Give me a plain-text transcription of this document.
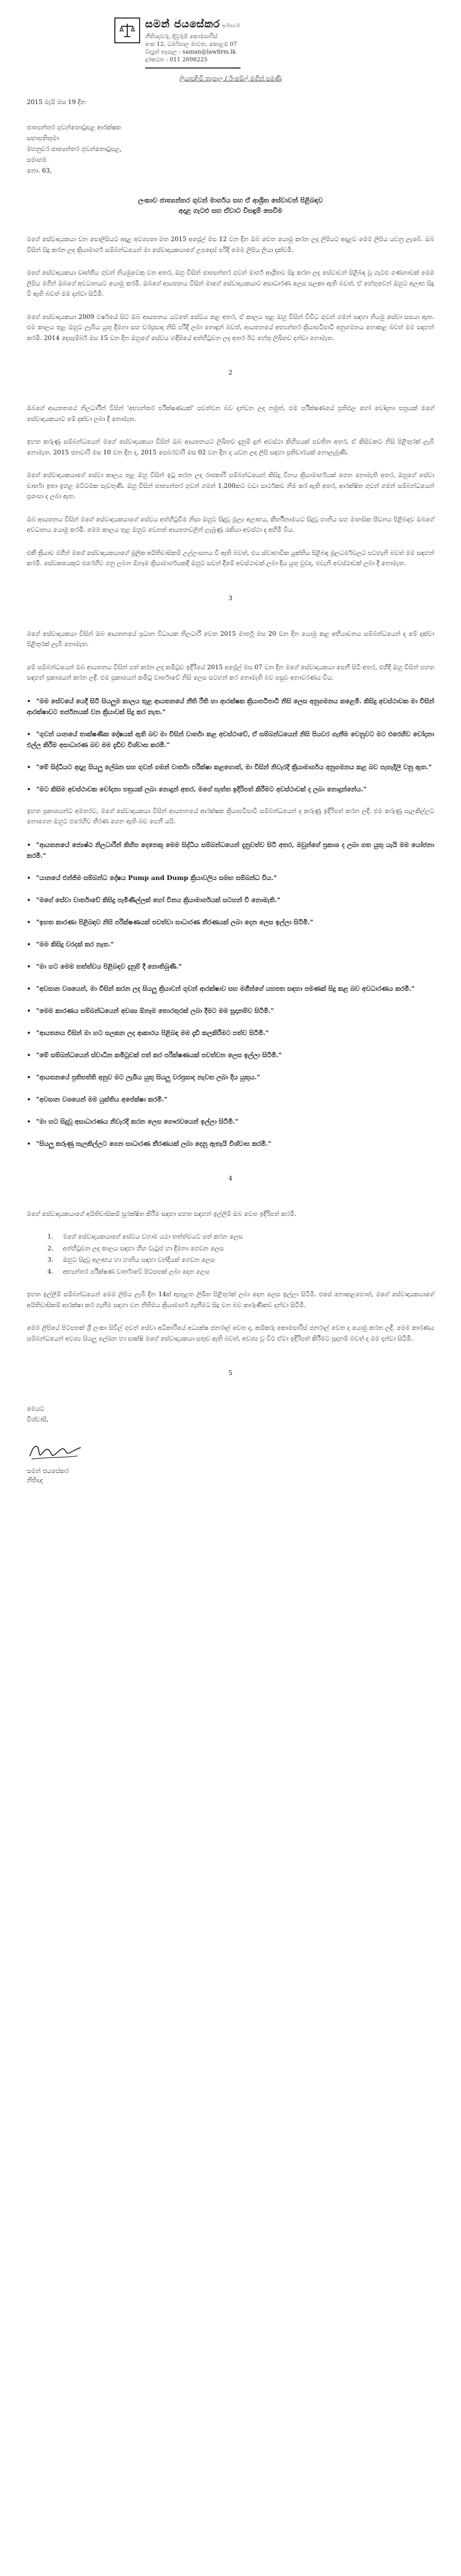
සමන් ජයසේකර සමාගම
නීතිඥවරු, දිවුරුම් කොමසාරිස්
අංක 12, ධර්මපාල මාවත, කොළඹ 07
විද්‍යුත් තැපෑල : saman@lawfirm.lk
දුරකථන : 011 2698225
ලියාපදිංචි තැපෑල / ඊ-මේල් මගින් පමණි
2015 මැයි මස 19 දින
ජාත්‍යන්තර ගුවන්තොටුපළ ආරක්ෂක
සභාපතිතුමා
මහනුවර ජාත්‍යන්තර ගුවන්තොටුපළ,
සමාගම
නො. 63,
ලංකාව ජාත්‍යන්තර ගුවන් මාර්ගය සහ ඒ ආශ්‍රිත සේවාවන් පිළිබඳව
අදාළ ගැටළු සහ ඒවාට විසඳුම් සෙවීම

මගේ සේවාදායකයා වන පොලිසියට අදාළ අවශ්‍යතා මත 2015 අප්‍රේල් මස 12 වන දින ඔබ වෙත යොමු කරන ලද ලිපියට අදාළව මෙම ලිපිය යවනු ලැබේ. ඔබ විසින් සිදු කරන ලද ක්‍රියාමාර්ග සම්බන්ධයෙන් මා සේවාදායකයාගේ උපදෙස් පරිදි මෙම ලිපිය ලියා දක්වමි.

මගේ සේවාදායකයා වෘත්තීය ගුවන් නියමුවෙකු වන අතර, ඔහු විසින් ජාත්‍යන්තර ගුවන් මාර්ග ආශ්‍රිතව සිදු කරන ලද සේවාවන් පිළිබඳ වූ ගැටළු ගණනාවක් මෙම ලිපිය මගින් ඔබගේ අවධානයට යොමු කරමි. ඔබගේ ආයතනය විසින් මාගේ සේවාදායකයාට අසාධාරණ ලෙස සලකා ඇති බවත්, ඒ හේතුවෙන් ඔහුට අලාභ සිදු වී ඇති බවත් මම දන්වා සිටිමි.

මගේ සේවාදායකයා 2009 වර්ෂයේ සිට ඔබ ආයතනය යටතේ සේවය කළ අතර, ඒ කාලය තුළ ඔහු විසින් විවිධ ගුවන් ගමන් සඳහා නියමු සේවා සපයා ඇත. එම කාලය තුළ ඔහුට ලැබිය යුතු දීමනා සහ වරප්‍රසාද නිසි පරිදි ලබා නොදුන් බවත්, ආයතනයේ අභ්‍යන්තර ක්‍රියාපටිපාටි අනුගමනය නොකළ බවත් මම සඳහන් කරමි. 2014 දෙසැම්බර් මස 15 වන දින ඔහුගේ සේවය හදිසියේ අත්හිටුවන ලද අතර ඊට හේතු ලිඛිතව දන්වා නොමැත.

2

ඔබගේ ආයතනයේ නිලධාරීන් විසින් 'අභ්‍යන්තර පරීක්ෂණයක්' පවත්වන බව දන්වන ලද නමුත්, එම පරීක්ෂණයේ ප්‍රතිඵල හෝ චෝදනා පත්‍රයක් මගේ සේවාදායකයාට මේ දක්වා ලබා දී නොමැත.

ඉහත කරුණු සම්බන්ධයෙන් මගේ සේවාදායකයා විසින් ඔබ ආයතනයට ලිඛිතව දැනුම් දුන් අවස්ථා කිහිපයක් පවතින අතර, ඒ කිසිවකට නිසි පිළිතුරක් ලැබී නොමැත. 2015 ජනවාරි මස 10 වන දින ද, 2015 පෙබරවාරි මස 02 වන දින ද යවන ලද ලිපි සඳහා ප්‍රතිචාරයක් නොලැබුණි.

මගේ සේවාදායකයාගේ සේවා කාලය තුළ ඔහු විසින් ඉටු කරන ලද රාජකාරි සම්බන්ධයෙන් කිසිදු විනය ක්‍රියාමාර්ගයක් ගෙන නොමැති අතර, ඔහුගේ සේවා වාර්තා ඉතා ඉහළ මට්ටමක පැවතුණි. ඔහු විසින් ජාත්‍යන්තර ගුවන් ගමන් 1,200කට වඩා සාර්ථකව නිම කර ඇති අතර, ආරක්ෂිත ගුවන් ගමන් සම්බන්ධයෙන් ප්‍රශංසා ද ලබා ඇත.

ඔබ ආයතනය විසින් මගේ සේවාදායකයාගේ සේවය අත්හිටුවීම නිසා ඔහුට සිදුවූ මූල්‍ය අලාභය, කීර්තිනාමයට සිදුවූ හානිය සහ මානසික පීඩනය පිළිබඳව ඔබගේ අවධානය යොමු කරමි. මෙම කාලය තුළ ඔහුට වෙනත් ආයතනවලින් ලැබුණු රැකියා අවස්ථා ද අහිමි විය.

එකී ක්‍රියාව මගින් මගේ සේවාදායකයාගේ මූලික අයිතිවාසිකම් උල්ලංඝනය වී ඇති බවත්, එය ස්වාභාවික යුක්තිය පිළිබඳ මූලධර්මවලට පටහැනි බවත් මම සඳහන් කරමි. සේවකයෙකුට එරෙහිව ගනු ලබන ඕනෑම ක්‍රියාමාර්ගයකදී ඔහුට සවන් දීමේ අවස්ථාවක් ලබා දිය යුතු වුවද, එවැනි අවස්ථාවක් ලබා දී නොමැත.

3

මගේ සේවාදායකයා විසින් ඔබ ආයතනයේ ප්‍රධාන විධායක නිලධාරී වෙත 2015 මාර්තු මස 20 වන දින යොමු කළ අභියාචනය සම්බන්ධයෙන් ද මේ දක්වා පිළිතුරක් ලැබී නොමැත.

මේ සම්බන්ධයෙන් ඔබ ආයතනය විසින් පත් කරන ලද කමිටුව ඉදිරියේ 2015 අප්‍රේල් මස 07 වන දින මගේ සේවාදායකයා පෙනී සිටි අතර, එහිදී ඔහු විසින් පහත සඳහන් ප්‍රකාශයන් කරන ලදී. එම ප්‍රකාශයන් කමිටු වාර්තාවේ නිසි ලෙස සටහන් කර නොමැති බව පසුව අනාවරණය විය.

• "මම සේවයේ යෙදී සිටි සියලුම කාලය තුළ ආයතනයේ නීති රීති හා ආරක්ෂක ක්‍රියාපටිපාටි නිසි ලෙස අනුගමනය කළෙමි. කිසිදු අවස්ථාවක මා විසින් ආරක්ෂාවට තර්ජනයක් වන ක්‍රියාවක් සිදු කර නැත."

• "ගුවන් යානයේ තාක්ෂණික දෝෂයක් ඇති බව මා විසින් වාර්තා කළ අවස්ථාවේ, ඒ සම්බන්ධයෙන් නිසි පියවර ගැනීම වෙනුවට මට එරෙහිව චෝදනා එල්ල කිරීම අසාධාරණ බව මම දැඩිව විශ්වාස කරමි."

• "මේ සිද්ධියට අදාළ සියලු ලේඛන සහ ගුවන් ගමන් වාර්තා පරීක්ෂා කළහොත්, මා විසින් නිවැරදි ක්‍රියාමාර්ගය අනුගමනය කළ බව පැහැදිලි වනු ඇත."

• "මට කිසිම අවස්ථාවක චෝදනා පත්‍රයක් ලබා නොදුන් අතර, මගේ පැත්ත ඉදිරිපත් කිරීමට අවස්ථාවක් ද ලබා නොදුන්නේය."

ඉහත ප්‍රකාශයන්ට අමතරව, මගේ සේවාදායකයා විසින් ආයතනයේ ආරක්ෂක ක්‍රියාපටිපාටි සම්බන්ධයෙන් ද කරුණු ඉදිරිපත් කරන ලදී. එම කරුණු සැලකිල්ලට නොගෙන ඔහුට එරෙහිව තීරණ ගෙන ඇති බව පෙනී යයි.

• "ආයතනයේ ජ්‍යෙෂ්ඨ නිලධාරීන් කිහිප දෙනෙකු මෙම සිද්ධිය සම්බන්ධයෙන් දැනුවත්ව සිටි අතර, ඔවුන්ගේ ප්‍රකාශ ද ලබා ගත යුතු යැයි මම යෝජනා කරමි."

• "යානයේ එන්ජිම සම්බන්ධ දෝෂය Pump and Dump ක්‍රියාවලිය සමඟ සම්බන්ධ විය."

• "මගේ සේවා වාර්තාවේ කිසිදු පැමිණිල්ලක් හෝ විනය ක්‍රියාමාර්ගයක් සටහන් වී නොමැති."

• "ඉහත කාරණා පිළිබඳව නිසි පරීක්ෂණයක් පවත්වා සාධාරණ තීරණයක් ලබා දෙන ලෙස ඉල්ලා සිටිමි."

• "මම කිසිදු වරදක් කර නැත."

• "මා හට මෙම තත්ත්වය පිළිබඳව දැනුම් දී නොතිබුණි."

• "අවසාන වශයෙන්, මා විසින් කරන ලද සියලු ක්‍රියාවන් ගුවන් ආරක්ෂාව සහ මගීන්ගේ යහපත සඳහා පමණක් සිදු කළ බව අවධාරණය කරමි."

• "මෙම කාරණය සම්බන්ධයෙන් අවශ්‍ය ඕනෑම තොරතුරක් ලබා දීමට මම සූදානම්ව සිටිමි."

• "ආයතනය විසින් මා හට සලකන ලද ආකාරය පිළිබඳ මම දැඩි කලකිරීමට පත්ව සිටිමි."

• "මේ සම්බන්ධයෙන් ස්වාධීන කමිටුවක් පත් කර පරීක්ෂණයක් පවත්වන ලෙස ඉල්ලා සිටිමි."

• "ආයතනයේ ප්‍රතිපත්ති අනුව මට ලැබිය යුතු සියලු වරප්‍රසාද නැවත ලබා දිය යුතුය."

• "අවසාන වශයෙන් මම යුක්තිය අපේක්ෂා කරමි."

• "මා හට සිදුවූ අසාධාරණය නිවැරදි කරන ලෙස ගෞරවයෙන් ඉල්ලා සිටිමි."

• "සියලු කරුණු සැලකිල්ලට ගෙන සාධාරණ තීරණයක් ලබා දෙනු ඇතැයි විශ්වාස කරමි."

4

මගේ සේවාදායකයාගේ අයිතිවාසිකම් සුරක්ෂිත කිරීම සඳහා පහත සඳහන් ඉල්ලීම් ඔබ වෙත ඉදිරිපත් කරමි.

1.	මගේ සේවාදායකයාගේ සේවය වහාම යථා තත්ත්වයට පත් කරන ලෙස
2.	අත්හිටුවන ලද කාලය සඳහා හිඟ වැටුප් හා දීමනා ගෙවන ලෙස
3.	ඔහුට සිදුවූ අලාභය හා හානිය සඳහා වන්දියක් ගෙවන ලෙස
4.	අභ්‍යන්තර පරීක්ෂණ වාර්තාවේ පිටපතක් ලබා දෙන ලෙස

ඉහත ඉල්ලීම් සම්බන්ධයෙන් මෙම ලිපිය ලැබී දින 14ක් ඇතුළත ලිඛිත පිළිතුරක් ලබා දෙන ලෙස ඉල්ලා සිටිමි. එසේ නොකළහොත්, මගේ සේවාදායකයාගේ අයිතිවාසිකම් ආරක්ෂා කර ගැනීම සඳහා වන නීතිමය ක්‍රියාමාර්ග ගැනීමට සිදු වන බව කාරුණිකව දන්වා සිටිමි.

මෙම ලිපියේ පිටපතක් ශ්‍රී ලංකා සිවිල් ගුවන් සේවා අධිකාරියේ අධ්‍යක්ෂ ජනරාල් වෙත ද, කම්කරු කොමසාරිස් ජනරාල් වෙත ද යොමු කරන ලදී. මෙම කාරණය සම්බන්ධයෙන් අවශ්‍ය සියලු ලේඛන හා සාක්ෂි මගේ සේවාදායකයා සතුව ඇති බවත්, අවශ්‍ය වූ විට ඒවා ඉදිරිපත් කිරීමට සූදානම් බවත් ද මම දන්වා සිටිමි.

5
මෙයට
විශ්වාසී,
සමන් ජයසේකර
නීතිඥ
